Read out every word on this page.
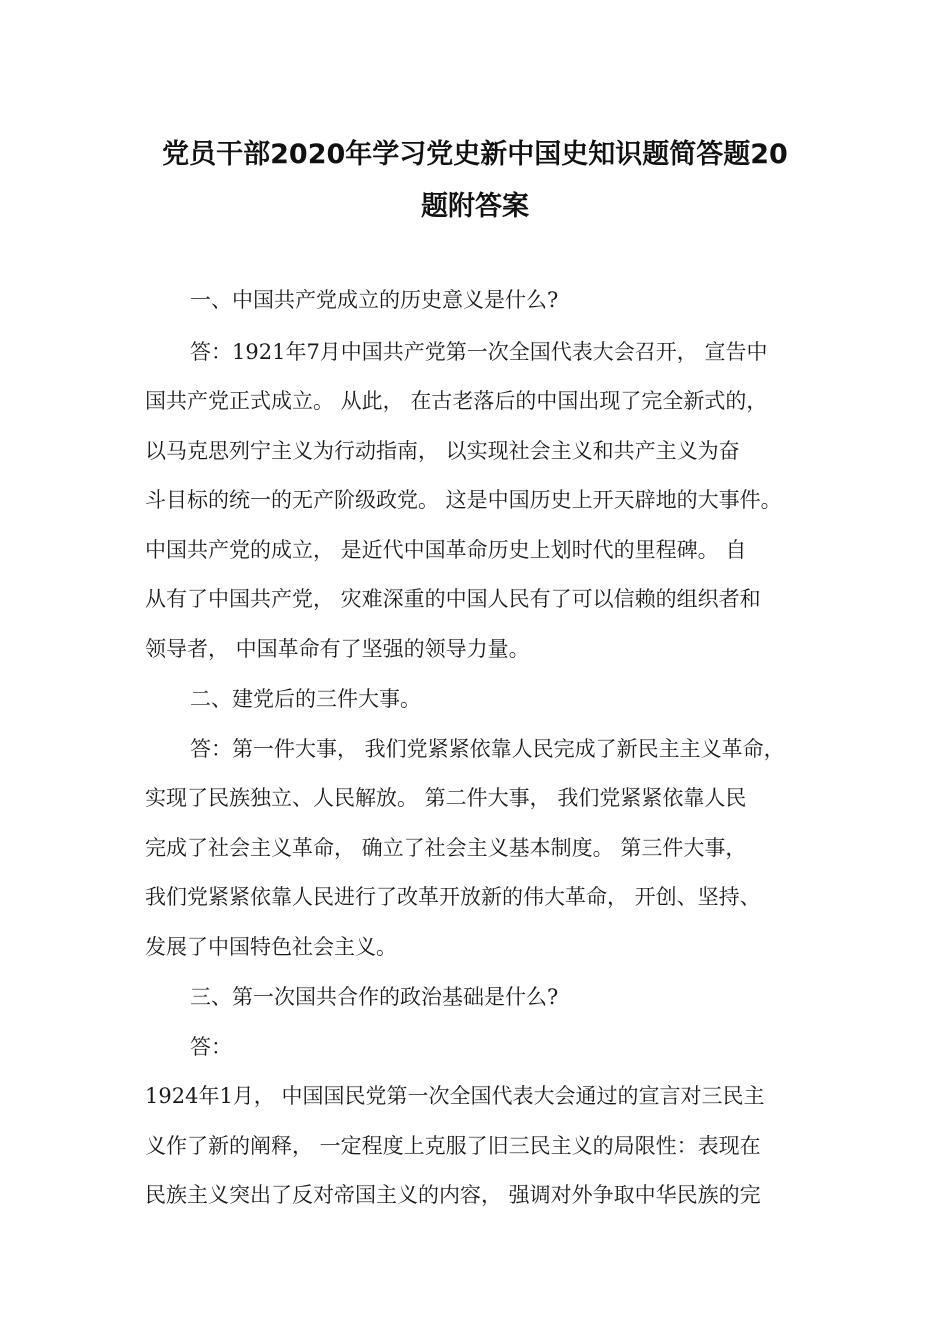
党员干部2020年学习党史新中国史知识题简答题20
题附答案
一、中国共产党成立的历史意义是什么?
答：1921年7月中国共产党第一次全国代表大会召开， 宣告中
国共产党正式成立。 从此， 在古老落后的中国出现了完全新式的，
以马克思列宁主义为行动指南， 以实现社会主义和共产主义为奋
斗目标的统一的无产阶级政党。 这是中国历史上开天辟地的大事件。
中国共产党的成立， 是近代中国革命历史上划时代的里程碑。 自
从有了中国共产党， 灾难深重的中国人民有了可以信赖的组织者和
领导者， 中国革命有了坚强的领导力量。
二、建党后的三件大事。
答：第一件大事， 我们党紧紧依靠人民完成了新民主主义革命，
实现了民族独立、人民解放。 第二件大事， 我们党紧紧依靠人民
完成了社会主义革命， 确立了社会主义基本制度。 第三件大事，
我们党紧紧依靠人民进行了改革开放新的伟大革命， 开创、坚持、
发展了中国特色社会主义。
三、第一次国共合作的政治基础是什么?
答：
1924年1月， 中国国民党第一次全国代表大会通过的宣言对三民主
义作了新的阐释， 一定程度上克服了旧三民主义的局限性：表现在
民族主义突出了反对帝国主义的内容， 强调对外争取中华民族的完
